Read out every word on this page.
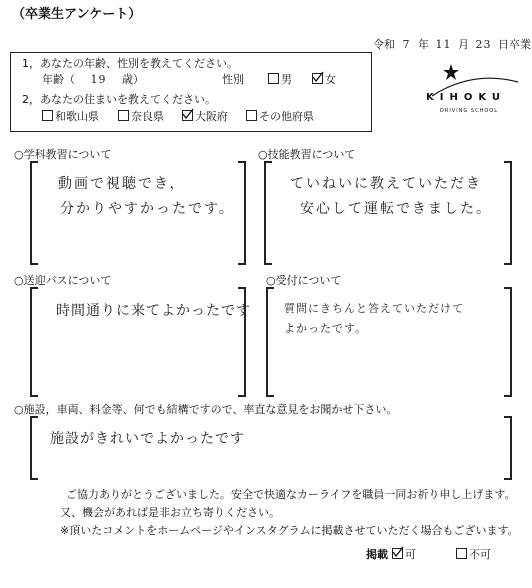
（卒業生アンケート）
令和 7 年 11 月 23 日卒業
1，あなたの年齢、性別を教えてください。
年齢（ 19 歳）	性別	男	女
2，あなたの住まいを教えてください。
和歌山県	奈良県	大阪府	その他府県
KIHOKU
DRIVING SCHOOL
○学科教習について
動画で視聴でき，
分かりやすかったです。
○技能教習について
ていねいに教えていただき
安心して運転できました。
○送迎バスについて
時間通りに来てよかったです
○受付について
質問にきちんと答えていただけて
よかったです。
○施設，車両、料金等、何でも結構ですので、率直な意見をお聞かせ下さい。
施設がきれいでよかったです
ご協力ありがとうございました。安全で快適なカーライフを職員一同お祈り申し上げます。
又、機会があれば是非お立ち寄りください。
※頂いたコメントをホームページやインスタグラムに掲載させていただく場合もございます。
掲載	可	不可
